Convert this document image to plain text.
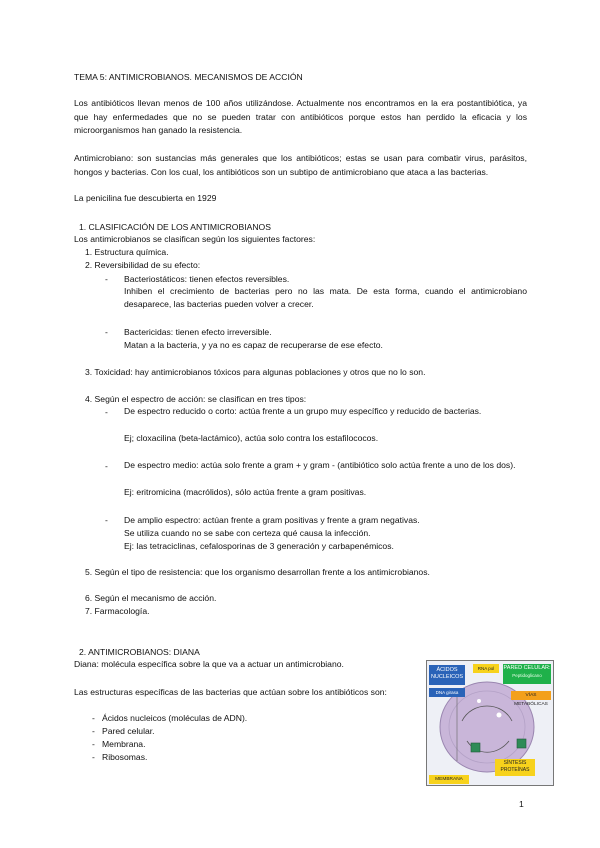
TEMA 5: ANTIMICROBIANOS. MECANISMOS DE ACCIÓN
Los antibióticos llevan menos de 100 años utilizándose. Actualmente nos encontramos en la era postantibiótica, ya que hay enfermedades que no se pueden tratar con antibióticos porque estos han perdido la eficacia y los microorganismos han ganado la resistencia.
Antimicrobiano: son sustancias más generales que los antibióticos; estas se usan para combatir virus, parásitos, hongos y bacterias. Con los cual, los antibióticos son un subtipo de antimicrobiano que ataca a las bacterias.
La penicilina fue descubierta en 1929
1. CLASIFICACIÓN DE LOS ANTIMICROBIANOS
Los antimicrobianos se clasifican según los siguientes factores:
1. Estructura química.
2. Reversibilidad de su efecto:
- Bacteriostáticos: tienen efectos reversibles.
Inhiben el crecimiento de bacterias pero no las mata. De esta forma, cuando el antimicrobiano desaparece, las bacterias pueden volver a crecer.
- Bactericidas: tienen efecto irreversible.
Matan a la bacteria, y ya no es capaz de recuperarse de ese efecto.
3. Toxicidad: hay antimicrobianos tóxicos para algunas poblaciones y otros que no lo son.
4. Según el espectro de acción: se clasifican en tres tipos:
- De espectro reducido o corto: actúa frente a un grupo muy específico y reducido de bacterias.
Ej; cloxacilina (beta-lactámico), actúa solo contra los estafilococos.
- De espectro medio: actúa solo frente a gram + y gram - (antibiótico solo actúa frente a uno de los dos).
Ej: eritromicina (macrólidos), sólo actúa frente a gram positivas.
- De amplio espectro: actúan frente a gram positivas y frente a gram negativas.
Se utiliza cuando no se sabe con certeza qué causa la infección.
Ej: las tetraciclinas, cefalosporinas de 3 generación y carbapenémicos.
5. Según el tipo de resistencia: que los organismo desarrollan frente a los antimicrobianos.
6. Según el mecanismo de acción.
7. Farmacología.
2. ANTIMICROBIANOS: DIANA
Diana: molécula específica sobre la que va a actuar un antimicrobiano.
Las estructuras específicas de las bacterias que actúan sobre los antibióticos son:
- Ácidos nucleicos (moléculas de ADN).
- Pared celular.
- Membrana.
- Ribosomas.
ÁCIDOS NUCLEICOS
RNA pol
DNA girasa
PARED CELULAR:
Peptidoglicano
VÍAS METABÓLICAS
SÍNTESIS PROTEÍNAS
MEMBRANA
1
